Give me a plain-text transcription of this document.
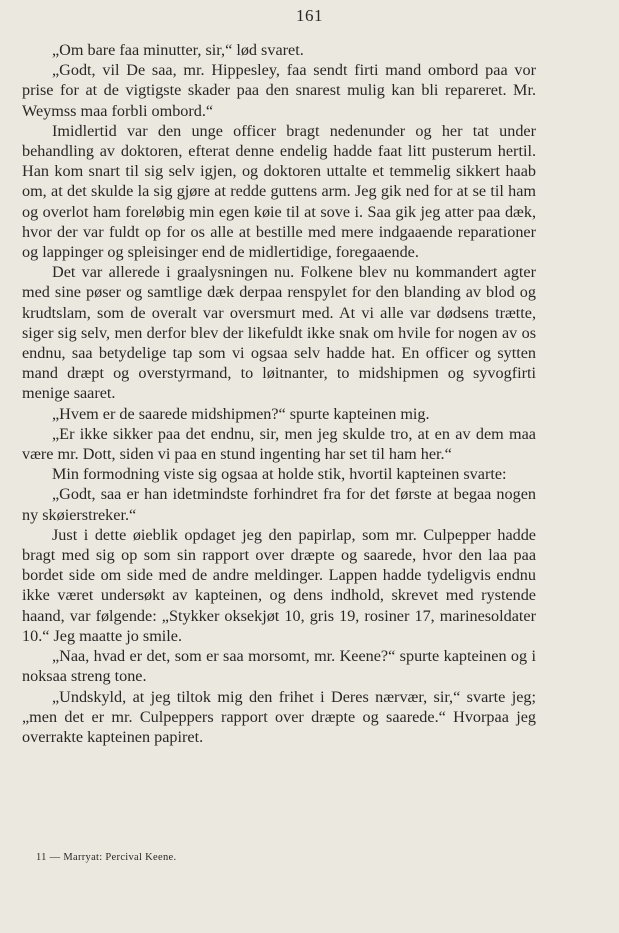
161

„Om bare faa minutter, sir,“ lød svaret.

„Godt, vil De saa, mr. Hippesley, faa sendt firti mand ombord paa vor prise for at de vigtigste skader paa den snarest mulig kan bli repareret. Mr. Weymss maa forbli ombord.“

Imidlertid var den unge officer bragt nedenunder og her tat under behandling av doktoren, efterat denne endelig hadde faat litt pusterum hertil. Han kom snart til sig selv igjen, og doktoren uttalte et temmelig sikkert haab om, at det skulde la sig gjøre at redde guttens arm. Jeg gik ned for at se til ham og overlot ham foreløbig min egen køie til at sove i. Saa gik jeg atter paa dæk, hvor der var fuldt op for os alle at bestille med mere indgaaende reparationer og lappinger og spleisinger end de midlertidige, foregaaende.

Det var allerede i graalysningen nu. Folkene blev nu kommandert agter med sine pøser og samtlige dæk derpaa renspylet for den blanding av blod og krudtslam, som de overalt var oversmurt med. At vi alle var dødsens trætte, siger sig selv, men derfor blev der likefuldt ikke snak om hvile for nogen av os endnu, saa betydelige tap som vi ogsaa selv hadde hat. En officer og sytten mand dræpt og overstyrmand, to løitnanter, to midshipmen og syvogfirti menige saaret.

„Hvem er de saarede midshipmen?“ spurte kapteinen mig.

„Er ikke sikker paa det endnu, sir, men jeg skulde tro, at en av dem maa være mr. Dott, siden vi paa en stund ingenting har set til ham her.“

Min formodning viste sig ogsaa at holde stik, hvortil kapteinen svarte:

„Godt, saa er han idetmindste forhindret fra for det første at begaa nogen ny skøierstreker.“

Just i dette øieblik opdaget jeg den papirlap, som mr. Culpepper hadde bragt med sig op som sin rapport over dræpte og saarede, hvor den laa paa bordet side om side med de andre meldinger. Lappen hadde tydeligvis endnu ikke været undersøkt av kapteinen, og dens indhold, skrevet med rystende haand, var følgende: „Stykker oksekjøt 10, gris 19, rosiner 17, marinesoldater 10.“ Jeg maatte jo smile.

„Naa, hvad er det, som er saa morsomt, mr. Keene?“ spurte kapteinen og i noksaa streng tone.

„Undskyld, at jeg tiltok mig den frihet i Deres nærvær, sir,“ svarte jeg; „men det er mr. Culpeppers rapport over dræpte og saarede.“ Hvorpaa jeg overrakte kapteinen papiret.

11 — Marryat: Percival Keene.
